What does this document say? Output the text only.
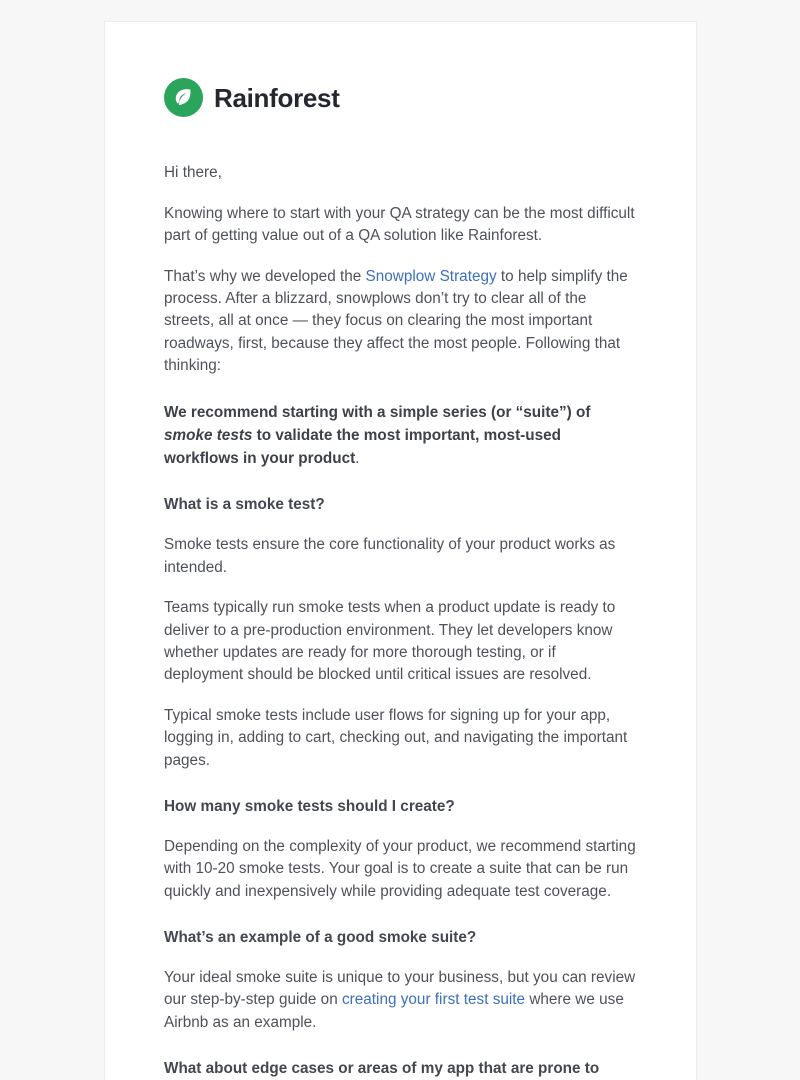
Rainforest

Hi there,

Knowing where to start with your QA strategy can be the most difficult part of getting value out of a QA solution like Rainforest.

That’s why we developed the Snowplow Strategy to help simplify the process. After a blizzard, snowplows don’t try to clear all of the streets, all at once — they focus on clearing the most important roadways, first, because they affect the most people. Following that thinking:

We recommend starting with a simple series (or “suite”) of smoke tests to validate the most important, most-used workflows in your product.

What is a smoke test?

Smoke tests ensure the core functionality of your product works as intended.

Teams typically run smoke tests when a product update is ready to deliver to a pre-production environment. They let developers know whether updates are ready for more thorough testing, or if deployment should be blocked until critical issues are resolved.

Typical smoke tests include user flows for signing up for your app, logging in, adding to cart, checking out, and navigating the important pages.

How many smoke tests should I create?

Depending on the complexity of your product, we recommend starting with 10-20 smoke tests. Your goal is to create a suite that can be run quickly and inexpensively while providing adequate test coverage.

What’s an example of a good smoke suite?

Your ideal smoke suite is unique to your business, but you can review our step-by-step guide on creating your first test suite where we use Airbnb as an example.

What about edge cases or areas of my app that are prone to
